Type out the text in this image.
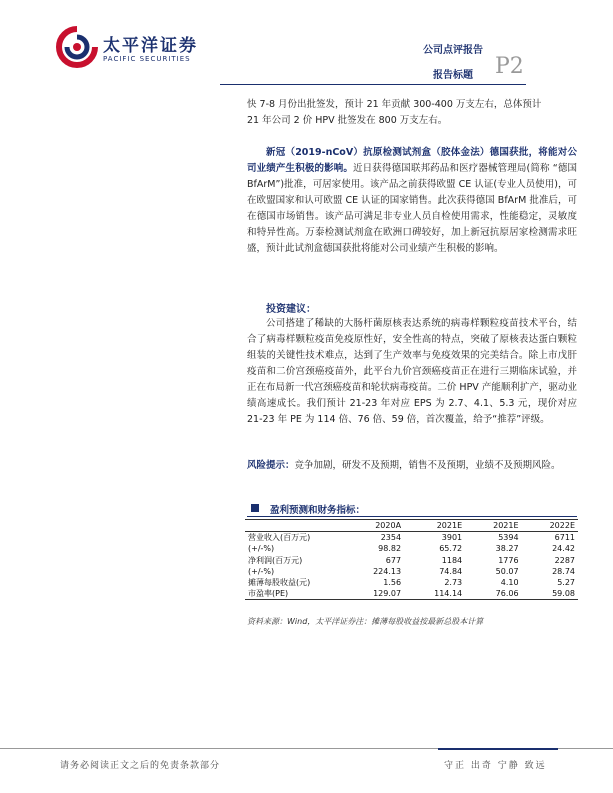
太平洋证券
PACIFIC SECURITIES
公司点评报告
报告标题 P2
快 7-8 月份出批签发，预计 21 年贡献 300-400 万支左右，总体预计
21 年公司 2 价 HPV 批签发在 800 万支左右。
新冠（2019-nCoV）抗原检测试剂盒（胶体金法）德国获批，将能对公司业绩产生积极的影响。近日获得德国联邦药品和医疗器械管理局(简称 “德国 BfArM”)批准，可居家使用。该产品之前获得欧盟 CE 认证(专业人员使用)，可在欧盟国家和认可欧盟 CE 认证的国家销售。此次获得德国 BfArM 批准后，可在德国市场销售。该产品可满足非专业人员自检使用需求，性能稳定，灵敏度和特异性高。万泰检测试剂盒在欧洲口碑较好，加上新冠抗原居家检测需求旺盛，预计此试剂盒德国获批将能对公司业绩产生积极的影响。
投资建议：
公司搭建了稀缺的大肠杆菌原核表达系统的病毒样颗粒疫苗技术平台，结合了病毒样颗粒疫苗免疫原性好，安全性高的特点，突破了原核表达蛋白颗粒组装的关键性技术难点，达到了生产效率与免疫效果的完美结合。除上市戊肝疫苗和二价宫颈癌疫苗外，此平台九价宫颈癌疫苗正在进行三期临床试验，并正在布局新一代宫颈癌疫苗和轮状病毒疫苗。二价 HPV 产能顺利扩产，驱动业绩高速成长。我们预计 21-23 年对应 EPS 为 2.7、4.1、5.3 元，现价对应 21-23 年 PE 为 114 倍、76 倍、59 倍，首次覆盖，给予“推荐”评级。
风险提示：竞争加剧，研发不及预期，销售不及预期，业绩不及预期风险。
盈利预测和财务指标：
	2020A	2021E	2021E	2022E
营业收入(百万元)	2354	3901	5394	6711
(+/-%)	98.82	65.72	38.27	24.42
净利润(百万元)	677	1184	1776	2287
(+/-%)	224.13	74.84	50.07	28.74
摊薄每股收益(元)	1.56	2.73	4.10	5.27
市盈率(PE)	129.07	114.14	76.06	59.08
资料来源：Wind，太平洋证券注：摊薄每股收益按最新总股本计算
请务必阅读正文之后的免责条款部分	守正 出奇 宁静 致远
